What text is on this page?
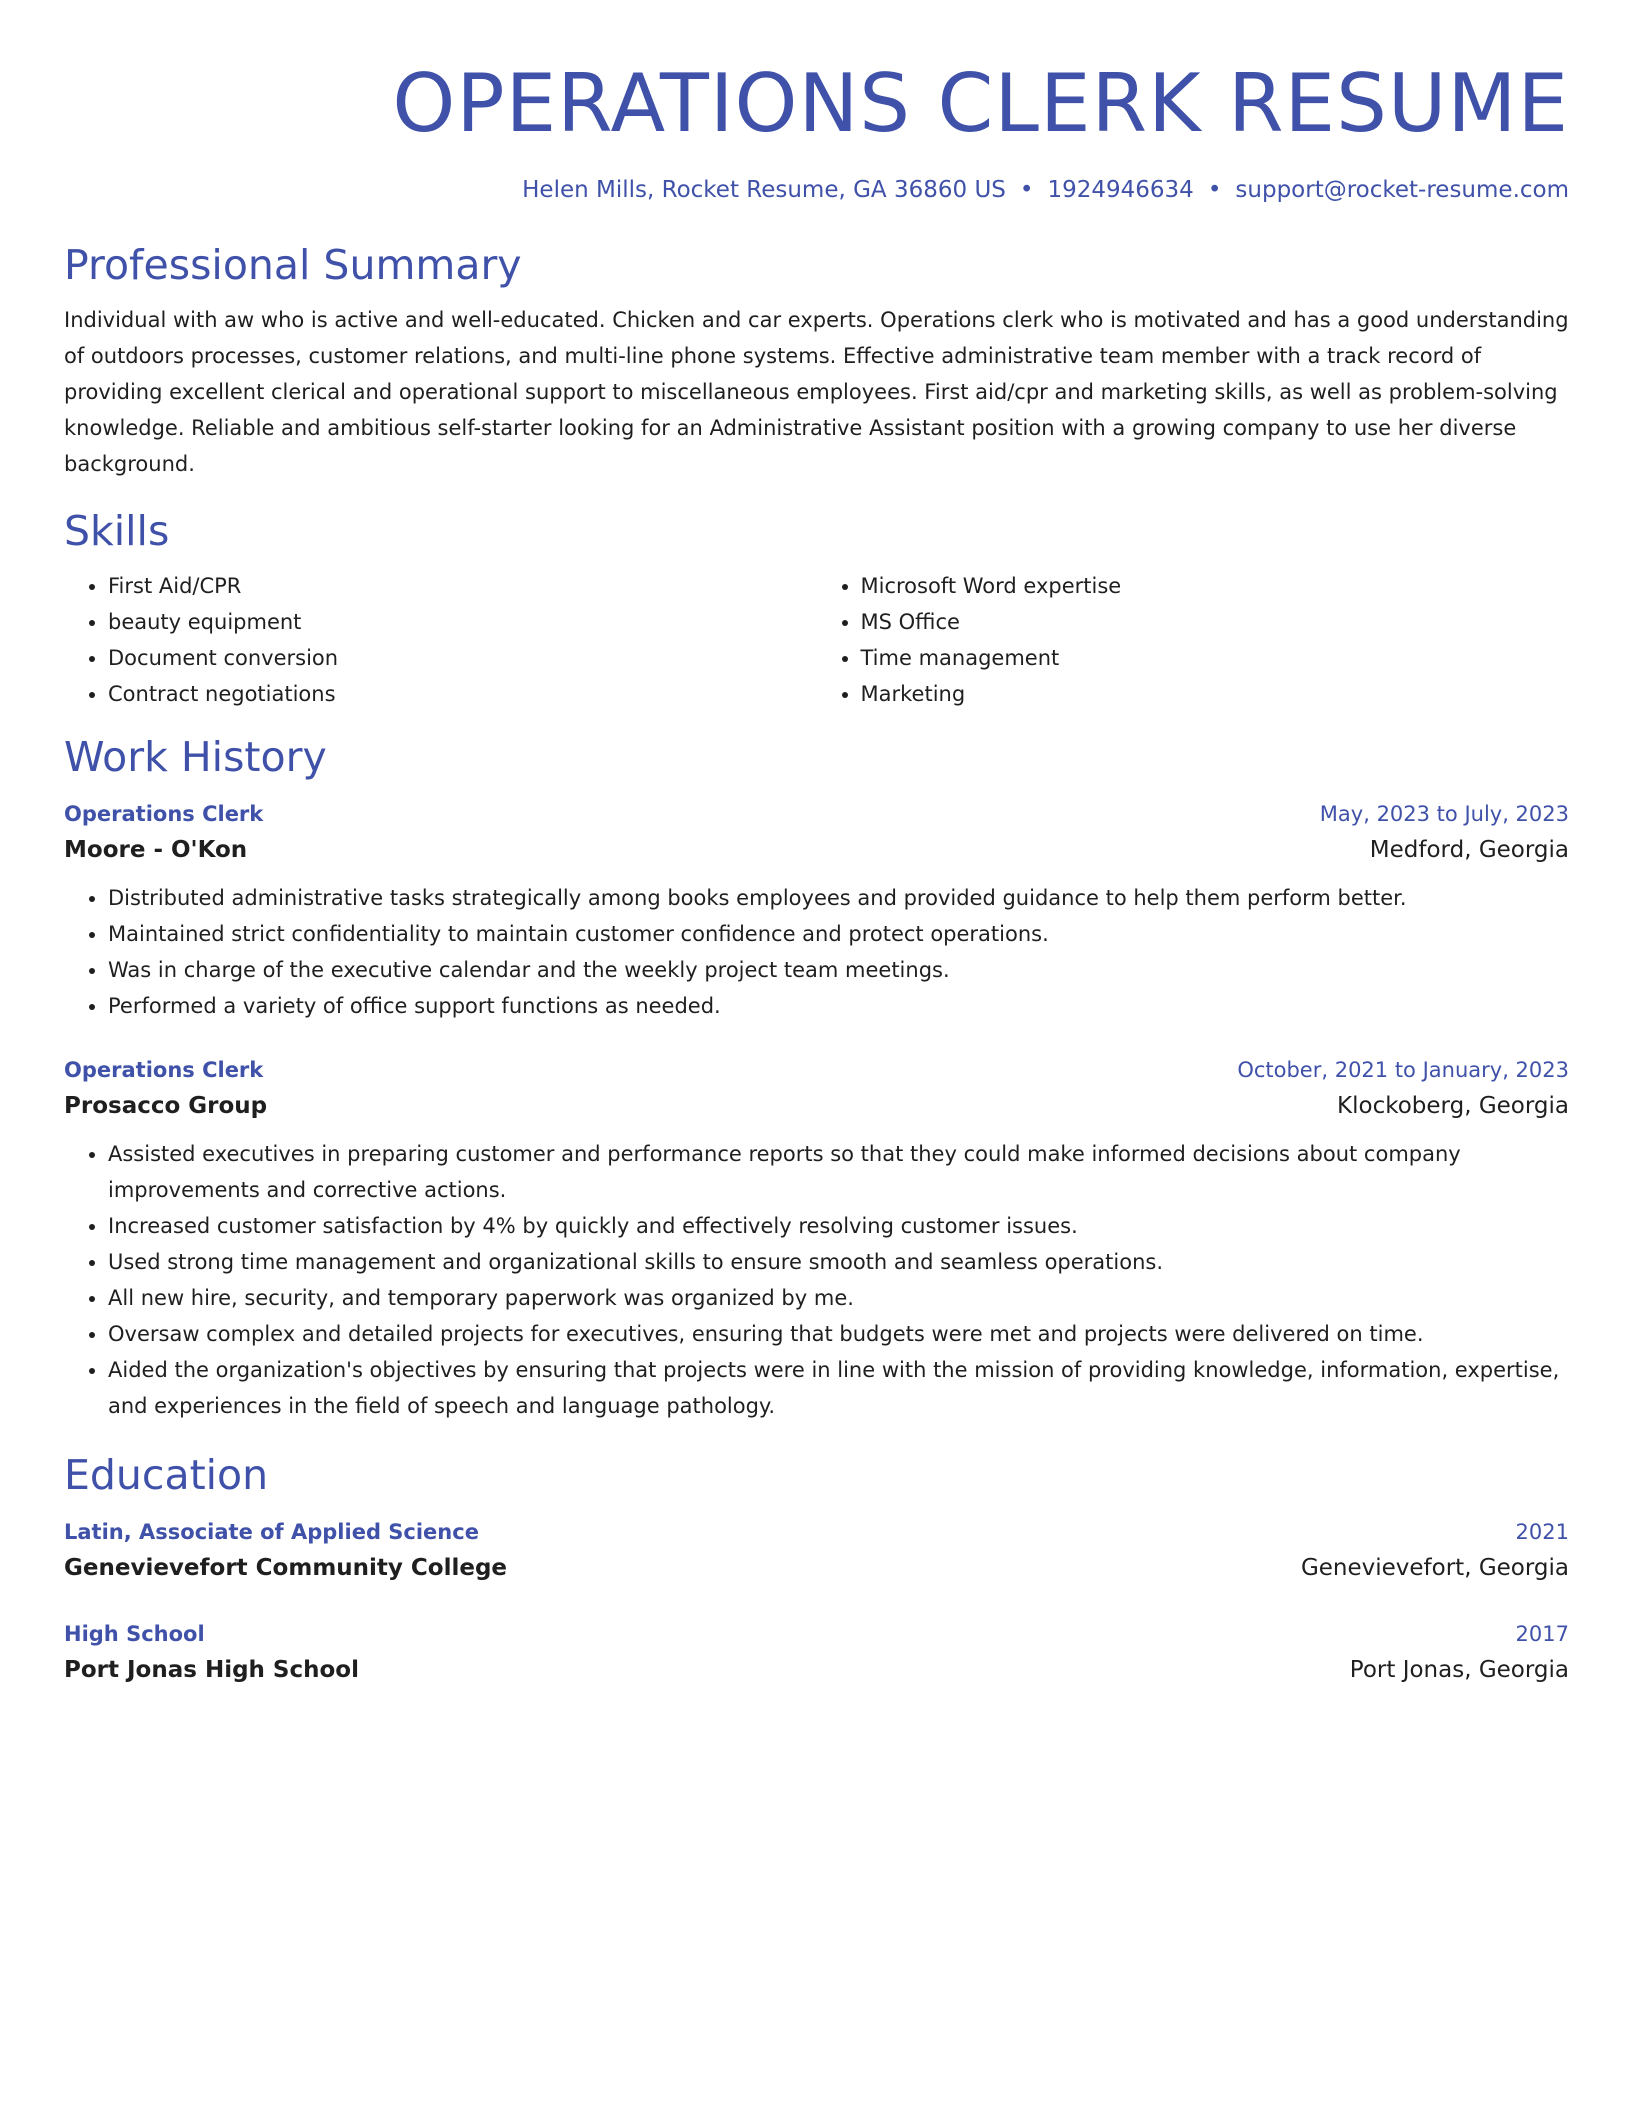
OPERATIONS CLERK RESUME
Helen Mills, Rocket Resume, GA 36860 US • 1924946634 • support@rocket-resume.com
Professional Summary

Individual with aw who is active and well-educated. Chicken and car experts. Operations clerk who is motivated and has a good understanding of outdoors processes, customer relations, and multi-line phone systems. Effective administrative team member with a track record of providing excellent clerical and operational support to miscellaneous employees. First aid/cpr and marketing skills, as well as problem-solving knowledge. Reliable and ambitious self-starter looking for an Administrative Assistant position with a growing company to use her diverse background.

Skills
• First Aid/CPR
• beauty equipment
• Document conversion
• Contract negotiations
• Microsoft Word expertise
• MS Office
• Time management
• Marketing
Work History
Operations Clerk	May, 2023 to July, 2023
Moore - O'Kon	Medford, Georgia
• Distributed administrative tasks strategically among books employees and provided guidance to help them perform better.
• Maintained strict confidentiality to maintain customer confidence and protect operations.
• Was in charge of the executive calendar and the weekly project team meetings.
• Performed a variety of office support functions as needed.
Operations Clerk	October, 2021 to January, 2023
Prosacco Group	Klockoberg, Georgia
• Assisted executives in preparing customer and performance reports so that they could make informed decisions about company improvements and corrective actions.
• Increased customer satisfaction by 4% by quickly and effectively resolving customer issues.
• Used strong time management and organizational skills to ensure smooth and seamless operations.
• All new hire, security, and temporary paperwork was organized by me.
• Oversaw complex and detailed projects for executives, ensuring that budgets were met and projects were delivered on time.
• Aided the organization's objectives by ensuring that projects were in line with the mission of providing knowledge, information, expertise, and experiences in the field of speech and language pathology.
Education
Latin, Associate of Applied Science	2021
Genevievefort Community College	Genevievefort, Georgia
High School	2017
Port Jonas High School	Port Jonas, Georgia
